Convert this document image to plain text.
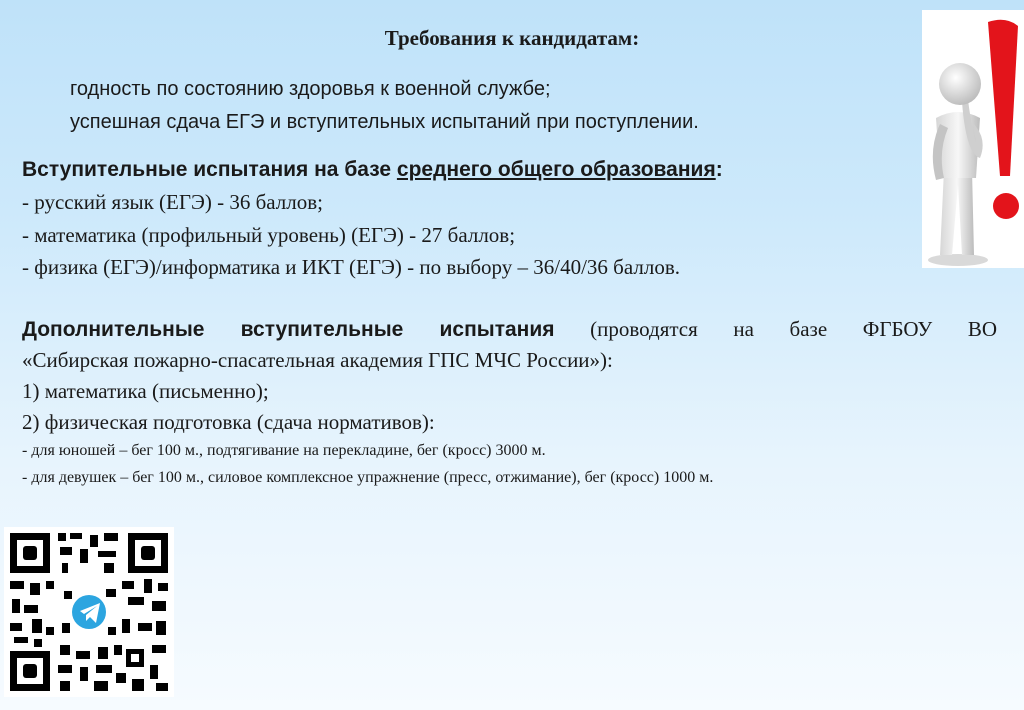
Требования к кандидатам:
годность по состоянию здоровья к военной службе;
успешная сдача ЕГЭ и вступительных испытаний при поступлении.
Вступительные испытания на базе среднего общего образования:
- русский язык (ЕГЭ) - 36 баллов;
- математика (профильный уровень) (ЕГЭ) - 27 баллов;
- физика (ЕГЭ)/информатика и ИКТ (ЕГЭ) - по выбору – 36/40/36 баллов.
Дополнительные вступительные испытания (проводятся на базе ФГБОУ ВО
«Сибирская пожарно-спасательная академия ГПС МЧС России»):
1) математика (письменно);
2) физическая подготовка (сдача нормативов):
- для юношей – бег 100 м., подтягивание на перекладине, бег (кросс) 3000 м.
- для девушек – бег 100 м., силовое комплексное упражнение (пресс, отжимание), бег (кросс) 1000 м.
